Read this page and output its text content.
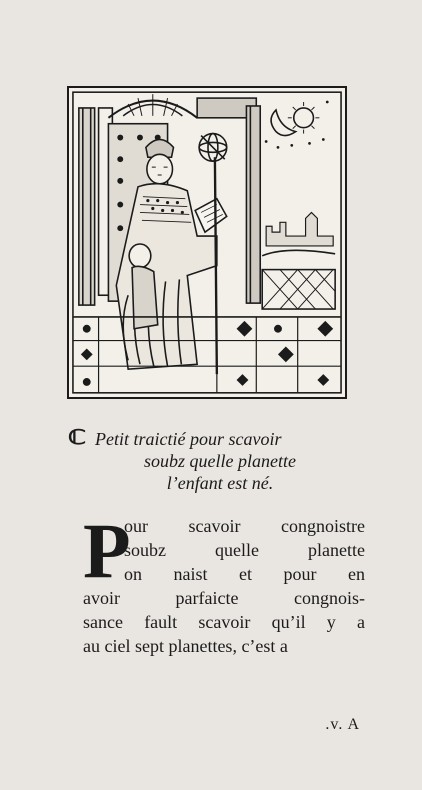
ℂ Petit traictié pour scavoir
soubz quelle planette
l’enfant est né.
P
our scavoir congnoistre
soubz quelle planette
on naist et pour en
avoir parfaicte congnois-
sance fault scavoir qu’il y a
au ciel sept planettes, c’est a
.v. A
